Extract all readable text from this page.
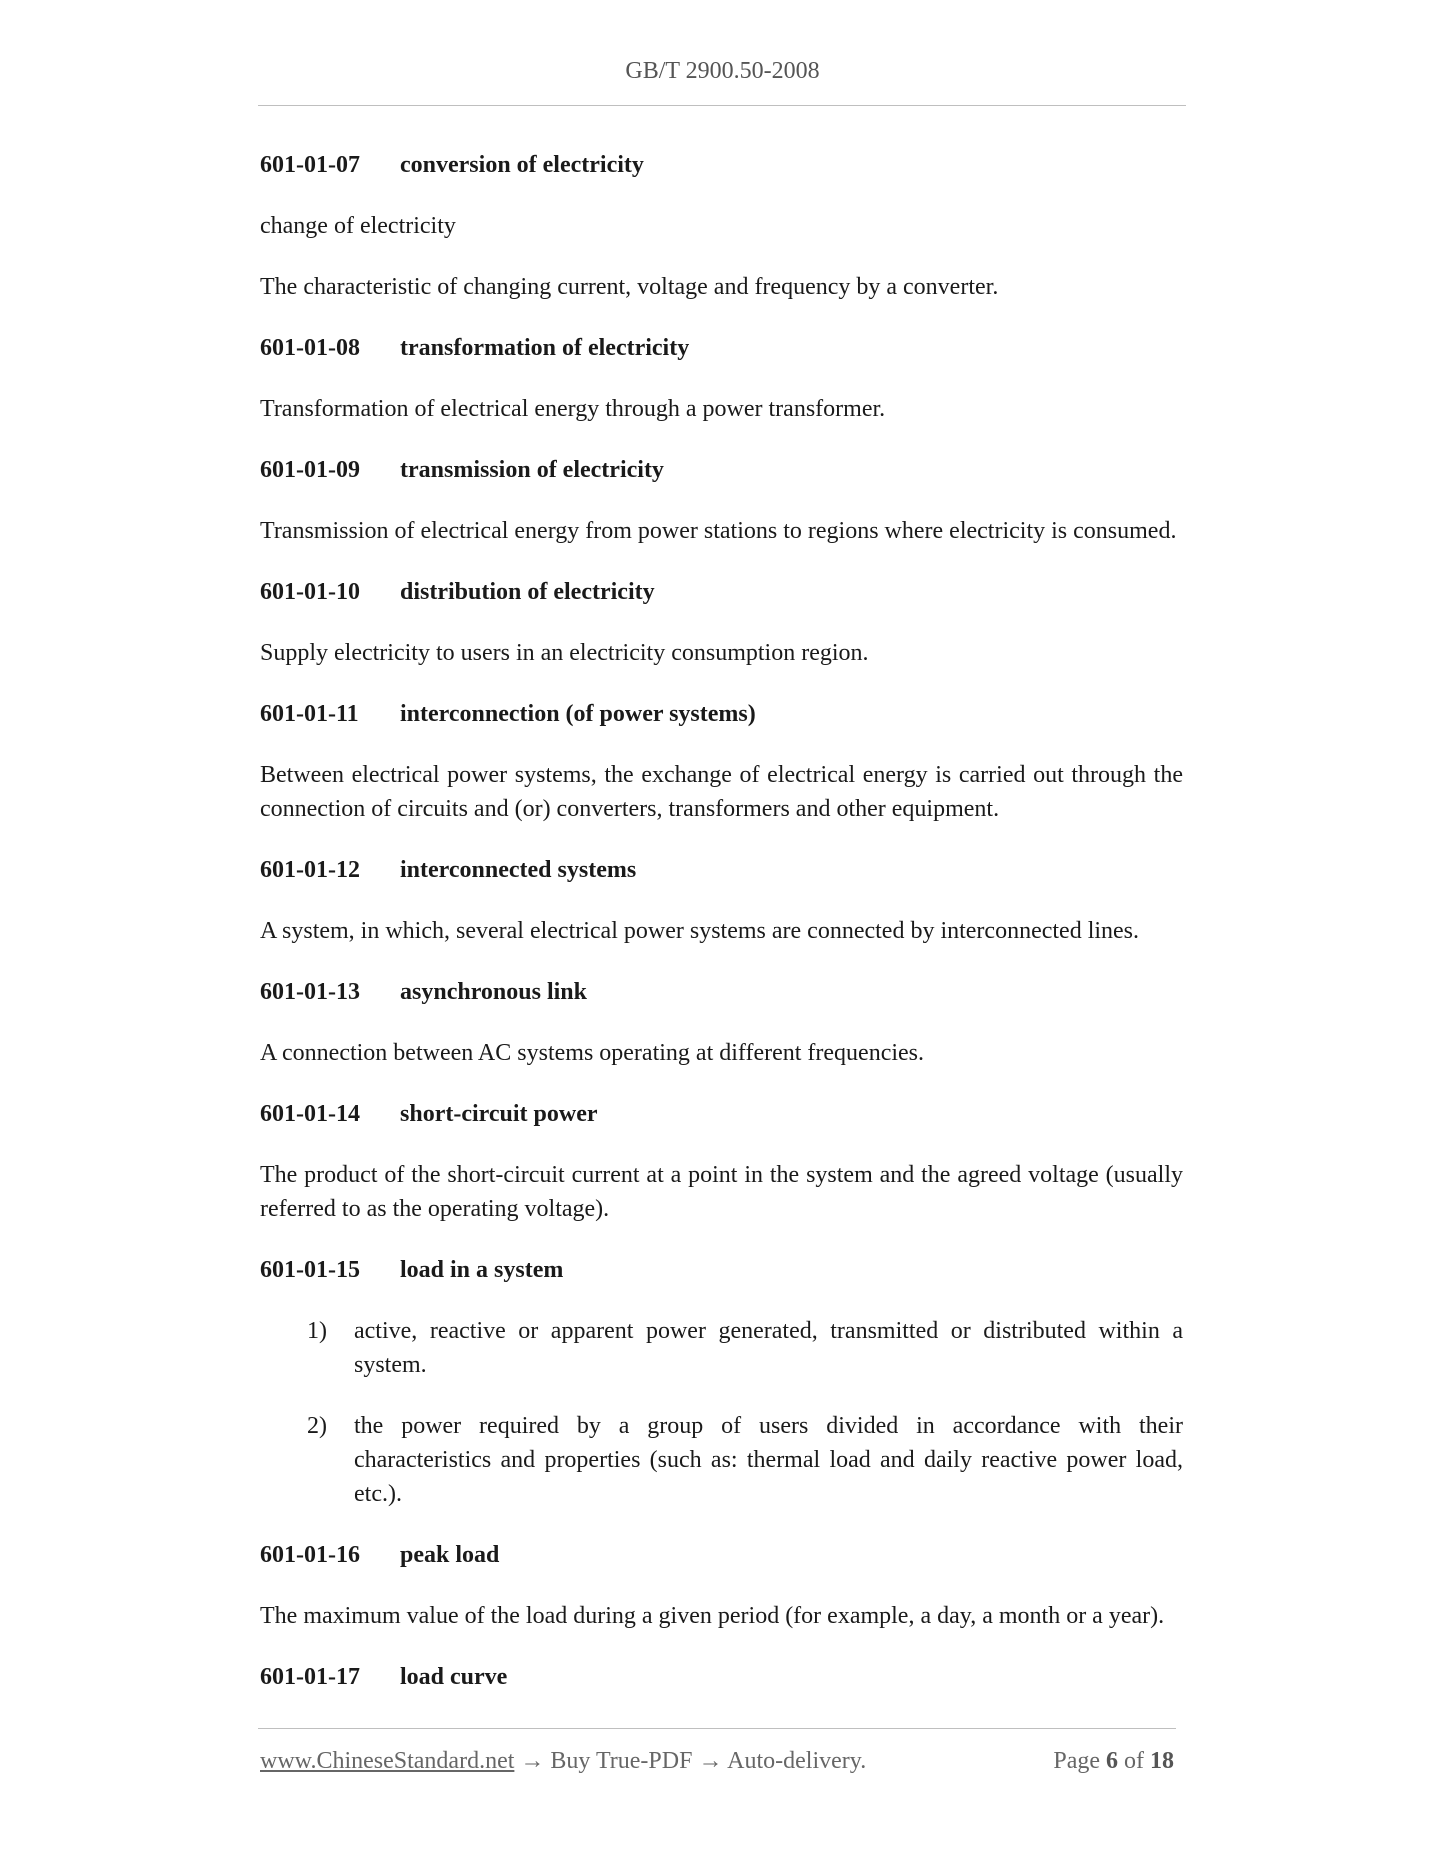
GB/T 2900.50-2008

601-01-07 conversion of electricity

change of electricity

The characteristic of changing current, voltage and frequency by a converter.

601-01-08 transformation of electricity

Transformation of electrical energy through a power transformer.

601-01-09 transmission of electricity

Transmission of electrical energy from power stations to regions where electricity is consumed.

601-01-10 distribution of electricity

Supply electricity to users in an electricity consumption region.

601-01-11 interconnection (of power systems)

Between electrical power systems, the exchange of electrical energy is carried out through the connection of circuits and (or) converters, transformers and other equipment.

601-01-12 interconnected systems

A system, in which, several electrical power systems are connected by interconnected lines.

601-01-13 asynchronous link

A connection between AC systems operating at different frequencies.

601-01-14 short-circuit power

The product of the short-circuit current at a point in the system and the agreed voltage (usually referred to as the operating voltage).

601-01-15 load in a system

1) active, reactive or apparent power generated, transmitted or distributed within a system.
2) the power required by a group of users divided in accordance with their characteristics and properties (such as: thermal load and daily reactive power load, etc.).

601-01-16 peak load

The maximum value of the load during a given period (for example, a day, a month or a year).

601-01-17 load curve

www.ChineseStandard.net → Buy True-PDF → Auto-delivery.	Page 6 of 18
